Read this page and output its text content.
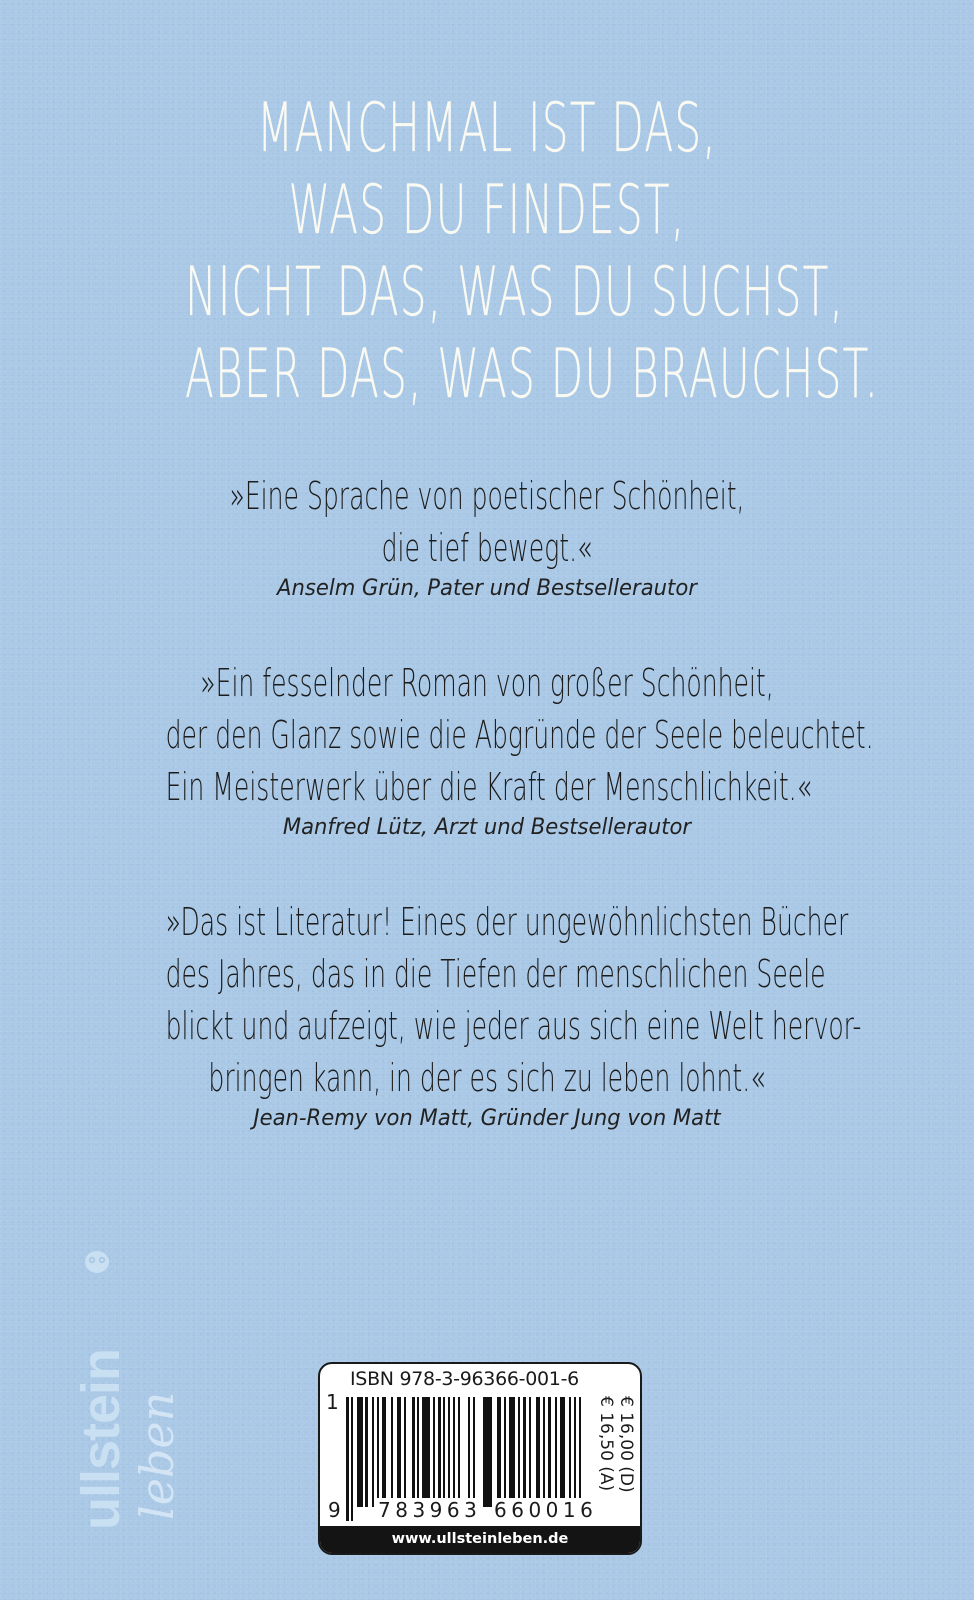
MANCHMAL IST DAS,
WAS DU FINDEST,
NICHT DAS, WAS DU SUCHST,
ABER DAS, WAS DU BRAUCHST.
»Eine Sprache von poetischer Schönheit,
die tief bewegt.«
Anselm Grün, Pater und Bestsellerautor
»Ein fesselnder Roman von großer Schönheit,
der den Glanz sowie die Abgründe der Seele beleuchtet.
Ein Meisterwerk über die Kraft der Menschlichkeit.«
Manfred Lütz, Arzt und Bestsellerautor
»Das ist Literatur! Eines der ungewöhnlichsten Bücher
des Jahres, das in die Tiefen der menschlichen Seele
blickt und aufzeigt, wie jeder aus sich eine Welt hervor-
bringen kann, in der es sich zu leben lohnt.«
Jean-Remy von Matt, Gründer Jung von Matt
ullstein leben
ISBN 978-3-96366-001-6
1
9 783963 660016
€ 16,00 (D)
€ 16,50 (A)
www.ullsteinleben.de
